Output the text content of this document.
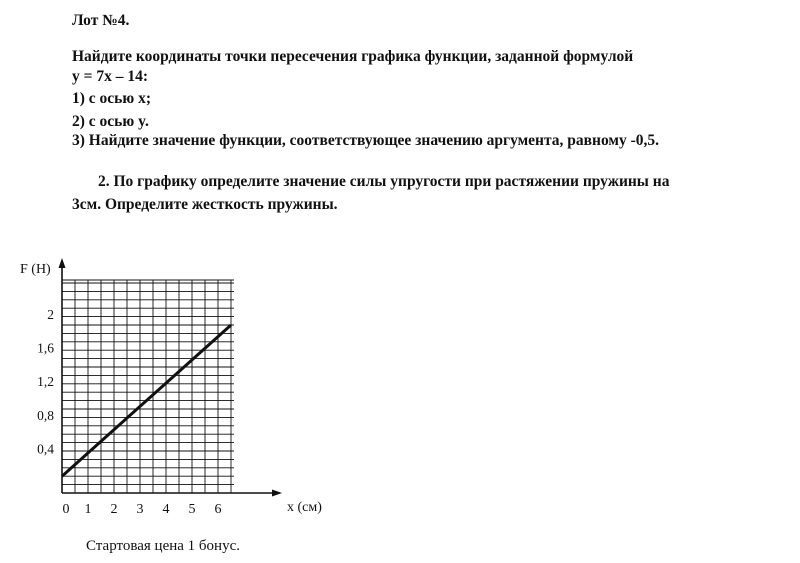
Лот №4.
Найдите координаты точки пересечения графика функции, заданной формулой
y = 7x – 14:
1) с осью x;
2) с осью y.
3) Найдите значение функции, соответствующее значению аргумента, равному -0,5.
2. По графику определите значение силы упругости при растяжении пружины на
3см. Определите жесткость пружины.
0 1 2 3 4 5 6
0,4
0,8
1,2
1,6
2
x (см)
F (Н)
Стартовая цена 1 бонус.
